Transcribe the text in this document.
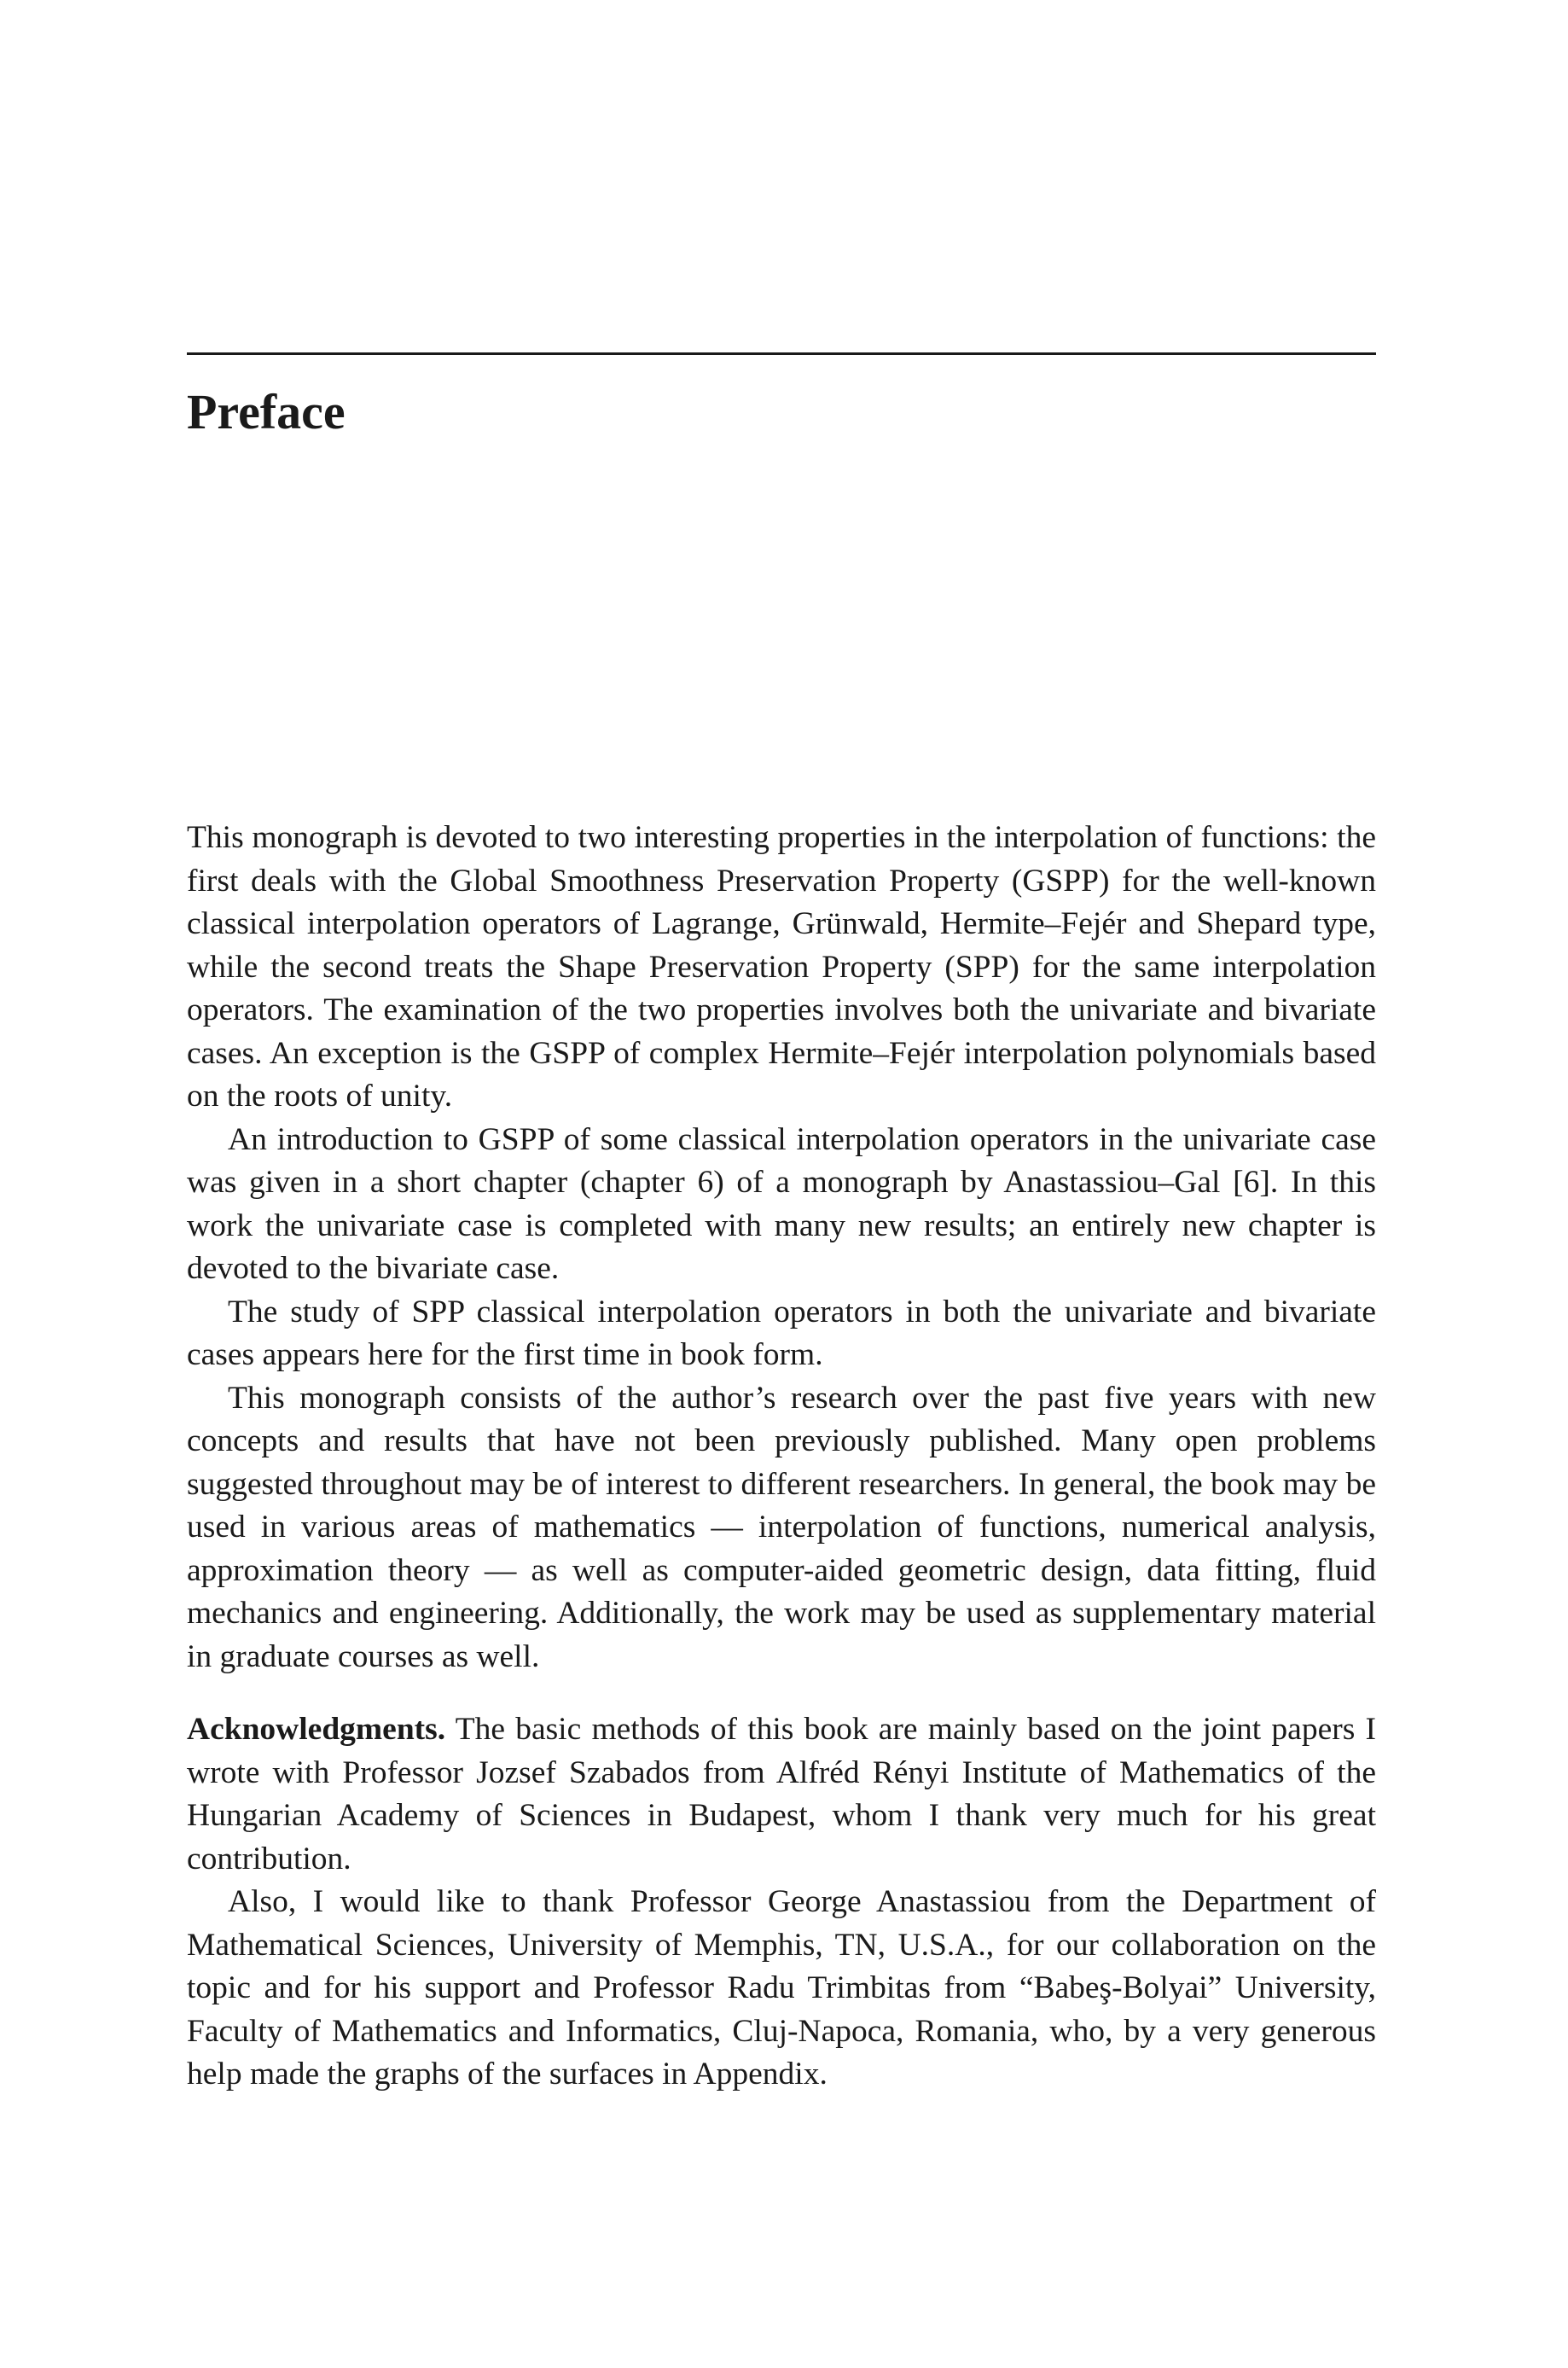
Preface

This monograph is devoted to two interesting properties in the interpolation of functions: the first deals with the Global Smoothness Preservation Property (GSPP) for the well-known classical interpolation operators of Lagrange, Grünwald, Hermite–Fejér and Shepard type, while the second treats the Shape Preservation Property (SPP) for the same interpolation operators. The examination of the two properties involves both the univariate and bivariate cases. An exception is the GSPP of complex Hermite–Fejér interpolation polynomials based on the roots of unity.

An introduction to GSPP of some classical interpolation operators in the univariate case was given in a short chapter (chapter 6) of a monograph by Anastassiou–Gal [6]. In this work the univariate case is completed with many new results; an entirely new chapter is devoted to the bivariate case.

The study of SPP classical interpolation operators in both the univariate and bivariate cases appears here for the first time in book form.

This monograph consists of the author’s research over the past five years with new concepts and results that have not been previously published. Many open problems suggested throughout may be of interest to different researchers. In general, the book may be used in various areas of mathematics — interpolation of functions, numerical analysis, approximation theory — as well as computer-aided geometric design, data fitting, fluid mechanics and engineering. Additionally, the work may be used as supplementary material in graduate courses as well.

Acknowledgments. The basic methods of this book are mainly based on the joint papers I wrote with Professor Jozsef Szabados from Alfréd Rényi Institute of Mathematics of the Hungarian Academy of Sciences in Budapest, whom I thank very much for his great contribution.

Also, I would like to thank Professor George Anastassiou from the Department of Mathematical Sciences, University of Memphis, TN, U.S.A., for our collaboration on the topic and for his support and Professor Radu Trimbitas from “Babeş-Bolyai” University, Faculty of Mathematics and Informatics, Cluj-Napoca, Romania, who, by a very generous help made the graphs of the surfaces in Appendix.
